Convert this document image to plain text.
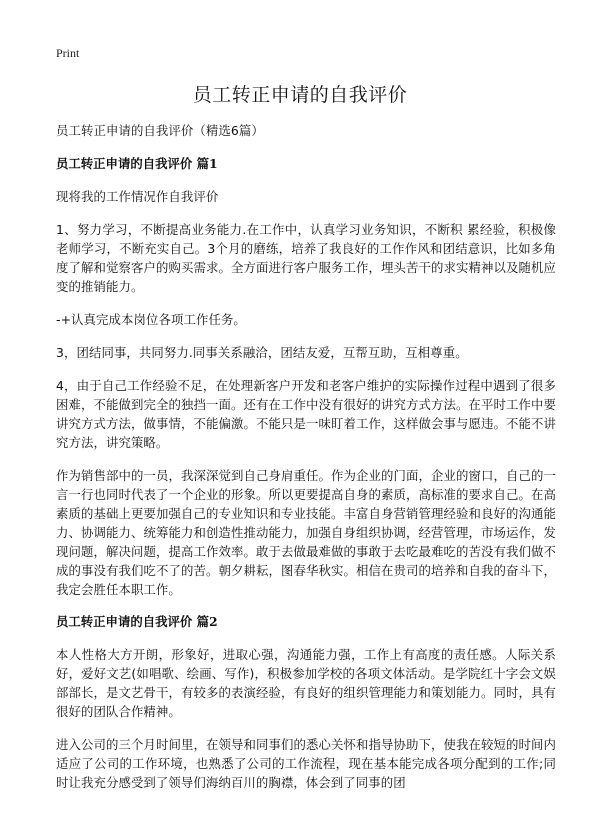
Print
员工转正申请的自我评价

员工转正申请的自我评价（精选6篇）

员工转正申请的自我评价 篇1

现将我的工作情况作自我评价

1、努力学习，不断提高业务能力.在工作中，认真学习业务知识，不断积 累经验，积极像老师学习，不断充实自己。3个月的磨练，培养了我良好的工作作风和团结意识，比如多角度了解和觉察客户的购买需求。全方面进行客户服务工作，埋头苦干的求实精神以及随机应变的推销能力。

-+认真完成本岗位各项工作任务。

3，团结同事，共同努力.同事关系融洽，团结友爱，互帮互助，互相尊重。

4，由于自己工作经验不足，在处理新客户开发和老客户维护的实际操作过程中遇到了很多困难，不能做到完全的独挡一面。还有在工作中没有很好的讲究方式方法。在平时工作中要讲究方式方法，做事情，不能偏激。不能只是一味盯着工作，这样做会事与愿违。不能不讲究方法，讲究策略。

作为销售部中的一员，我深深觉到自己身肩重任。作为企业的门面，企业的窗口，自己的一言一行也同时代表了一个企业的形象。所以更要提高自身的素质，高标准的要求自己。在高素质的基础上更要加强自己的专业知识和专业技能。丰富自身营销管理经验和良好的沟通能力、协调能力、统筹能力和创造性推动能力，加强自身组织协调，经营管理，市场运作，发现问题，解决问题，提高工作效率。敢于去做最难做的事敢于去吃最难吃的苦没有我们做不成的事没有我们吃不了的苦。朝夕耕耘，图春华秋实。相信在贵司的培养和自我的奋斗下，我定会胜任本职工作。

员工转正申请的自我评价 篇2

本人性格大方开朗，形象好，进取心强，沟通能力强，工作上有高度的责任感。人际关系好，爱好文艺(如唱歌、绘画、写作)，积极参加学校的各项文体活动。是学院红十字会文娱部部长，是文艺骨干，有较多的表演经验，有良好的组织管理能力和策划能力。同时，具有很好的团队合作精神。

进入公司的三个月时间里，在领导和同事们的悉心关怀和指导协助下，使我在较短的时间内适应了公司的工作环境，也熟悉了公司的工作流程，现在基本能完成各项分配到的工作;同时让我充分感受到了领导们海纳百川的胸襟，体会到了同事的团
